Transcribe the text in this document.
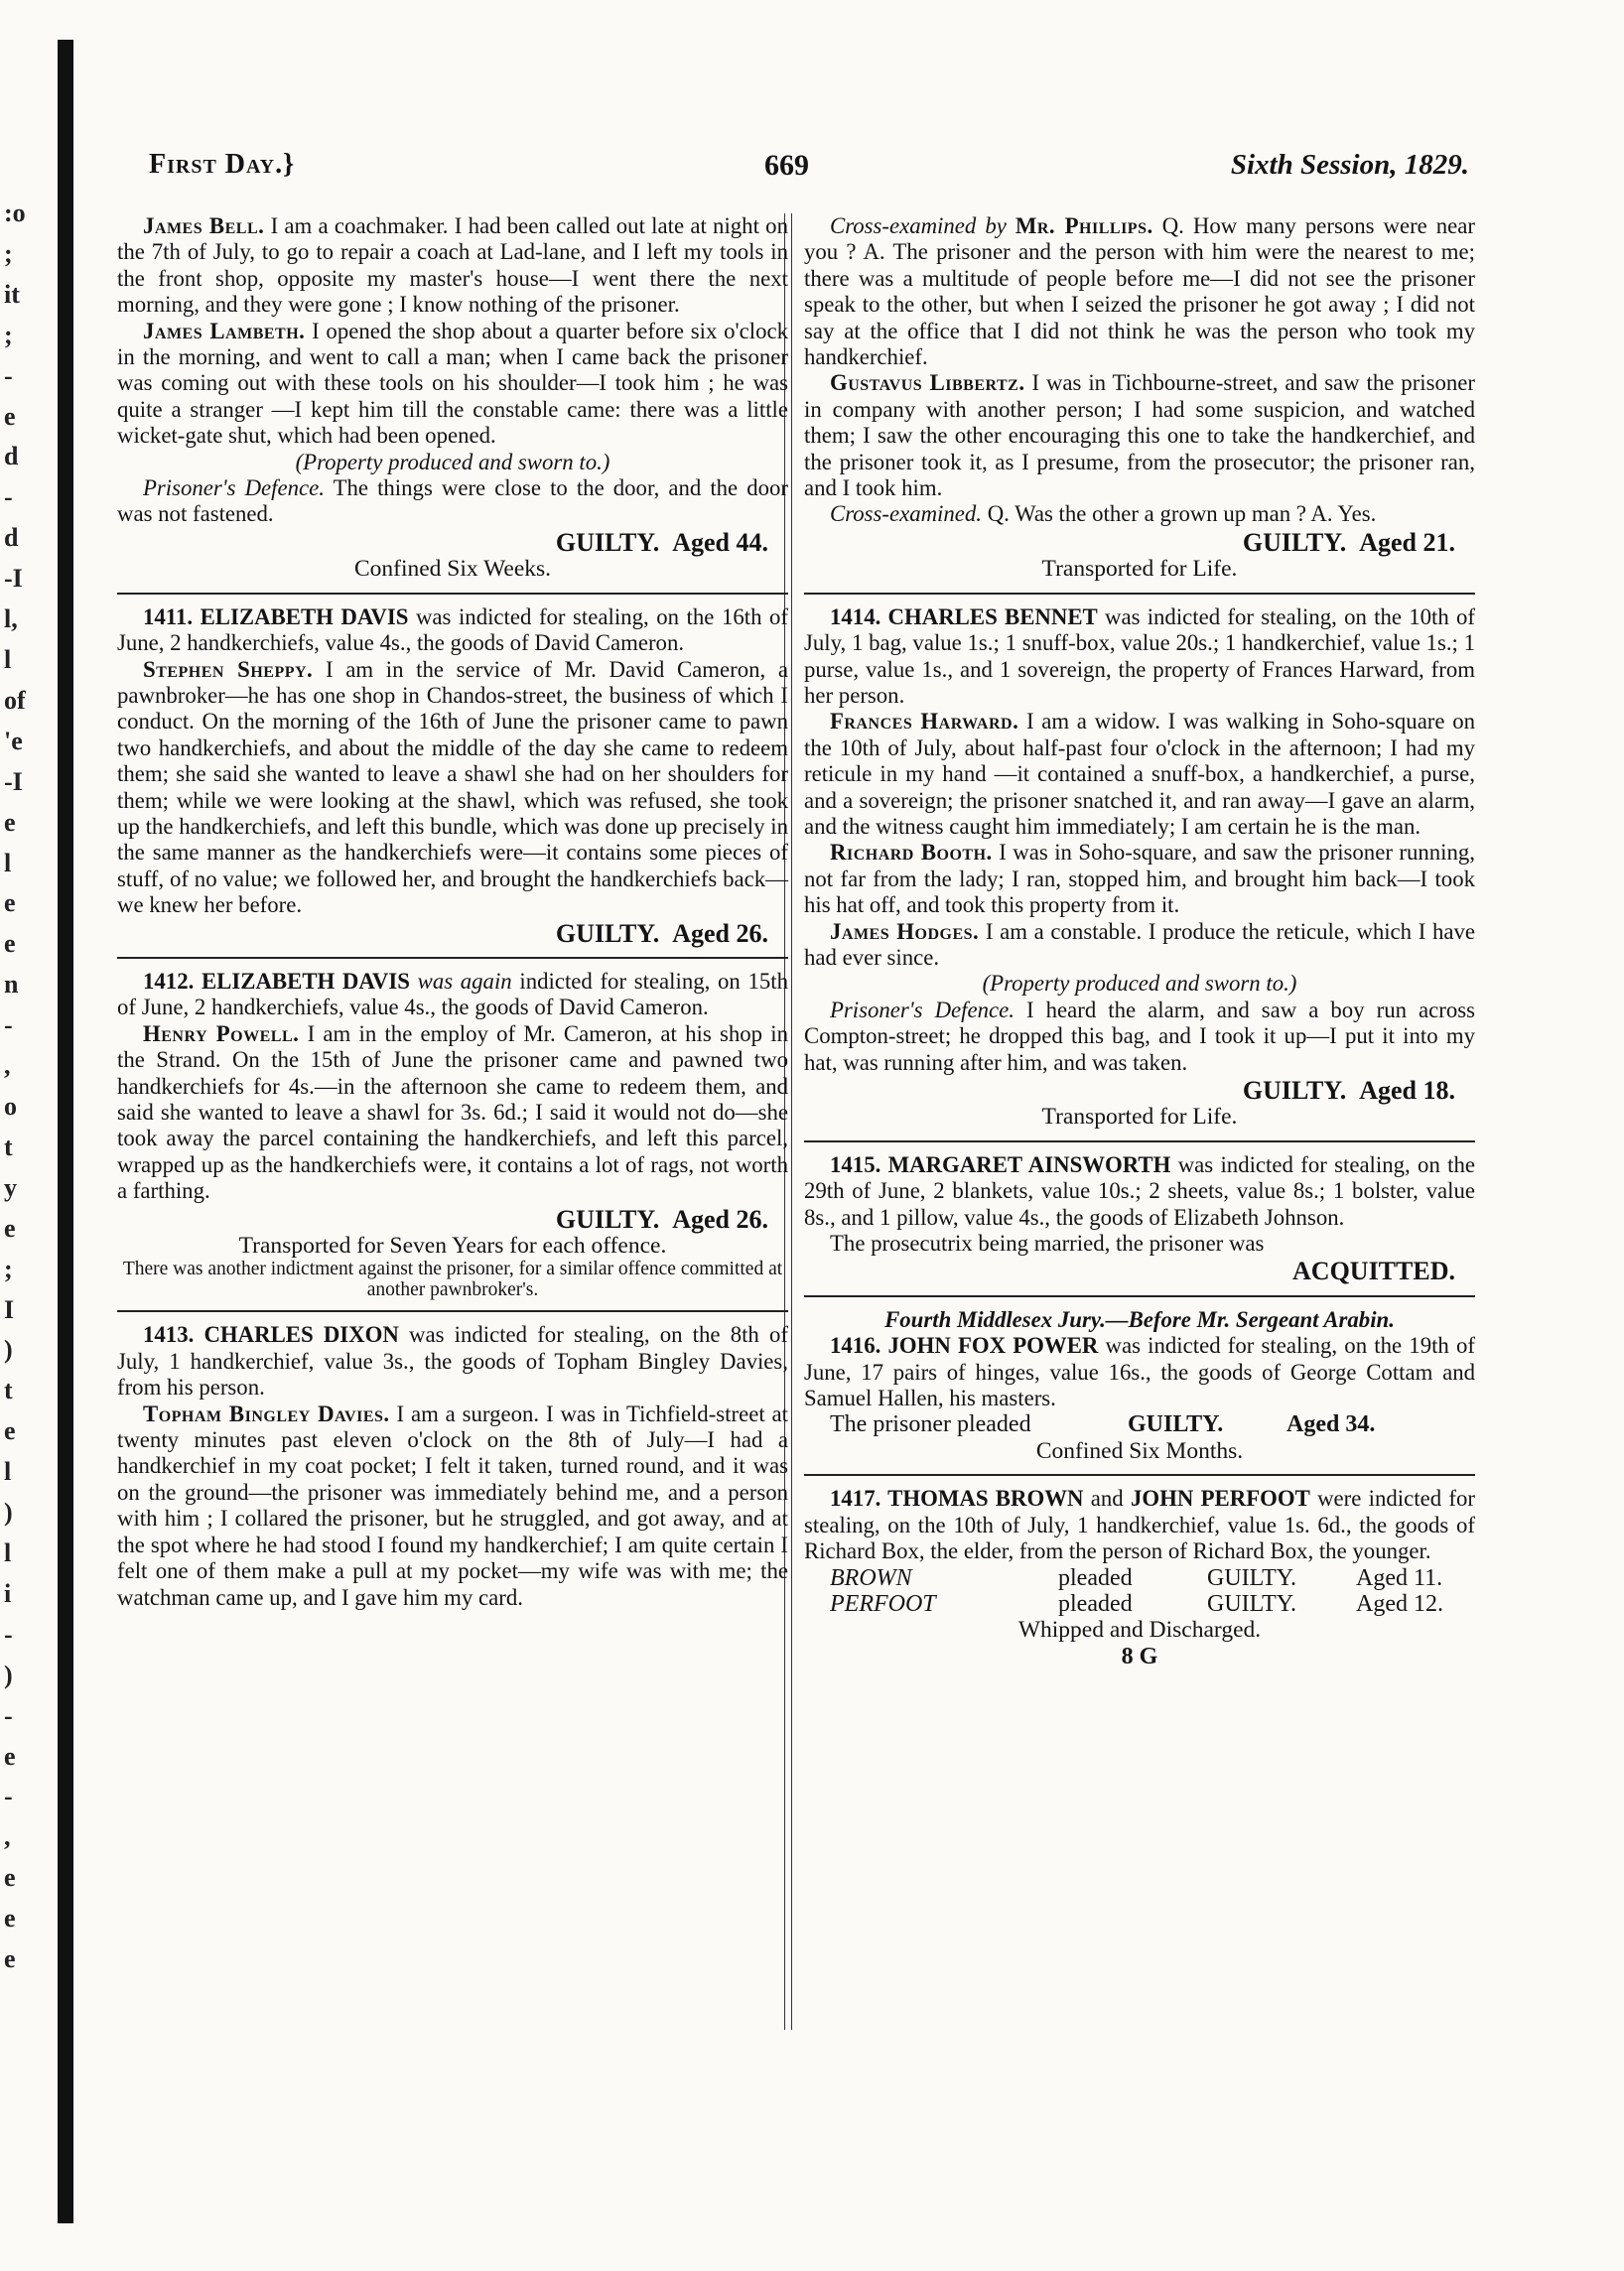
:o
;
it
;
-
e
d
-
d
-I
l,
l
of
'e
-I
e
l
e
e
n
-
,
o
t
y
e
;
I
)
t
e
l
)
l
i
-
)
-
e
-
,
e
e
e
First Day.}	669	Sixth Session, 1829.

James Bell. I am a coachmaker. I had been called out late at night on the 7th of July, to go to repair a coach at Lad-lane, and I left my tools in the front shop, opposite my master's house—I went there the next morning, and they were gone ; I know nothing of the prisoner.

James Lambeth. I opened the shop about a quarter before six o'clock in the morning, and went to call a man; when I came back the prisoner was coming out with these tools on his shoulder—I took him ; he was quite a stranger —I kept him till the constable came: there was a little wicket-gate shut, which had been opened.

(Property produced and sworn to.)

Prisoner's Defence. The things were close to the door, and the door was not fastened.

GUILTY. Aged 44.

Confined Six Weeks.

1411. ELIZABETH DAVIS was indicted for stealing, on the 16th of June, 2 handkerchiefs, value 4s., the goods of David Cameron.

Stephen Sheppy. I am in the service of Mr. David Cameron, a pawnbroker—he has one shop in Chandos-street, the business of which I conduct. On the morning of the 16th of June the prisoner came to pawn two handkerchiefs, and about the middle of the day she came to redeem them; she said she wanted to leave a shawl she had on her shoulders for them; while we were looking at the shawl, which was refused, she took up the handkerchiefs, and left this bundle, which was done up precisely in the same manner as the handkerchiefs were—it contains some pieces of stuff, of no value; we followed her, and brought the handkerchiefs back—we knew her before.

GUILTY. Aged 26.

1412. ELIZABETH DAVIS was again indicted for stealing, on 15th of June, 2 handkerchiefs, value 4s., the goods of David Cameron.

Henry Powell. I am in the employ of Mr. Cameron, at his shop in the Strand. On the 15th of June the prisoner came and pawned two handkerchiefs for 4s.—in the afternoon she came to redeem them, and said she wanted to leave a shawl for 3s. 6d.; I said it would not do—she took away the parcel containing the handkerchiefs, and left this parcel, wrapped up as the handkerchiefs were, it contains a lot of rags, not worth a farthing.

GUILTY. Aged 26.

Transported for Seven Years for each offence.

There was another indictment against the prisoner, for a similar offence committed at another pawnbroker's.

1413. CHARLES DIXON was indicted for stealing, on the 8th of July, 1 handkerchief, value 3s., the goods of Topham Bingley Davies, from his person.

Topham Bingley Davies. I am a surgeon. I was in Tichfield-street at twenty minutes past eleven o'clock on the 8th of July—I had a handkerchief in my coat pocket; I felt it taken, turned round, and it was on the ground—the prisoner was immediately behind me, and a person with him ; I collared the prisoner, but he struggled, and got away, and at the spot where he had stood I found my handkerchief; I am quite certain I felt one of them make a pull at my pocket—my wife was with me; the watchman came up, and I gave him my card.

Cross-examined by Mr. Phillips. Q. How many persons were near you ? A. The prisoner and the person with him were the nearest to me; there was a multitude of people before me—I did not see the prisoner speak to the other, but when I seized the prisoner he got away ; I did not say at the office that I did not think he was the person who took my handkerchief.

Gustavus Libbertz. I was in Tichbourne-street, and saw the prisoner in company with another person; I had some suspicion, and watched them; I saw the other encouraging this one to take the handkerchief, and the prisoner took it, as I presume, from the prosecutor; the prisoner ran, and I took him.

Cross-examined. Q. Was the other a grown up man ? A. Yes.

GUILTY. Aged 21.

Transported for Life.

1414. CHARLES BENNET was indicted for stealing, on the 10th of July, 1 bag, value 1s.; 1 snuff-box, value 20s.; 1 handkerchief, value 1s.; 1 purse, value 1s., and 1 sovereign, the property of Frances Harward, from her person.

Frances Harward. I am a widow. I was walking in Soho-square on the 10th of July, about half-past four o'clock in the afternoon; I had my reticule in my hand —it contained a snuff-box, a handkerchief, a purse, and a sovereign; the prisoner snatched it, and ran away—I gave an alarm, and the witness caught him immediately; I am certain he is the man.

Richard Booth. I was in Soho-square, and saw the prisoner running, not far from the lady; I ran, stopped him, and brought him back—I took his hat off, and took this property from it.

James Hodges. I am a constable. I produce the reticule, which I have had ever since.

(Property produced and sworn to.)

Prisoner's Defence. I heard the alarm, and saw a boy run across Compton-street; he dropped this bag, and I took it up—I put it into my hat, was running after him, and was taken.

GUILTY. Aged 18.

Transported for Life.

1415. MARGARET AINSWORTH was indicted for stealing, on the 29th of June, 2 blankets, value 10s.; 2 sheets, value 8s.; 1 bolster, value 8s., and 1 pillow, value 4s., the goods of Elizabeth Johnson.

The prosecutrix being married, the prisoner was

ACQUITTED.

Fourth Middlesex Jury.—Before Mr. Sergeant Arabin.

1416. JOHN FOX POWER was indicted for stealing, on the 19th of June, 17 pairs of hinges, value 16s., the goods of George Cottam and Samuel Hallen, his masters.

The prisoner pleaded	GUILTY.	Aged 34.

Confined Six Months.

1417. THOMAS BROWN and JOHN PERFOOT were indicted for stealing, on the 10th of July, 1 handkerchief, value 1s. 6d., the goods of Richard Box, the elder, from the person of Richard Box, the younger.

BROWN	pleaded	GUILTY.	Aged 11.

PERFOOT	pleaded	GUILTY.	Aged 12.

Whipped and Discharged.

8 G
